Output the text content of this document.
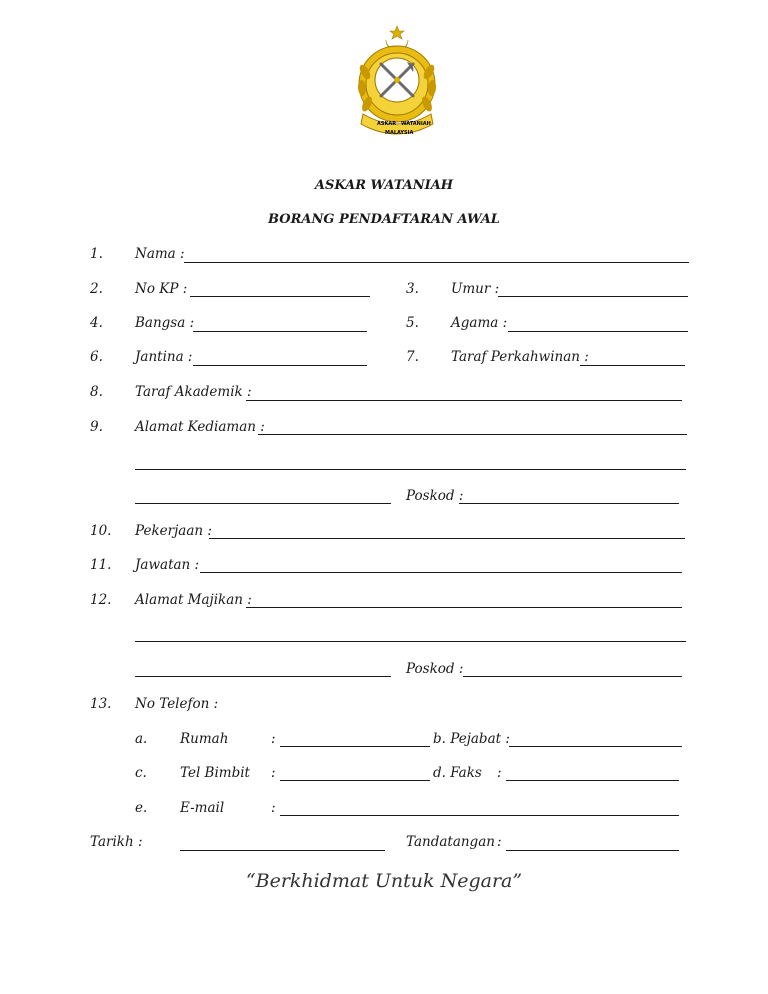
ASKAR WATANIAH
MALAYSIA
ASKAR WATANIAH
BORANG PENDAFTARAN AWAL
1. Nama :
2. No KP :	3. Umur :
4. Bangsa :	5. Agama :
6. Jantina :	7. Taraf Perkahwinan :
8. Taraf Akademik :
9. Alamat Kediaman :
Poskod :
10. Pekerjaan :
11. Jawatan :
12. Alamat Majikan :
Poskod :
13. No Telefon :
a. Rumah	:	b. Pejabat :
c. Tel Bimbit :	d. Faks :
e. E-mail	:
Tarikh :	Tandatangan :
“Berkhidmat Untuk Negara”
